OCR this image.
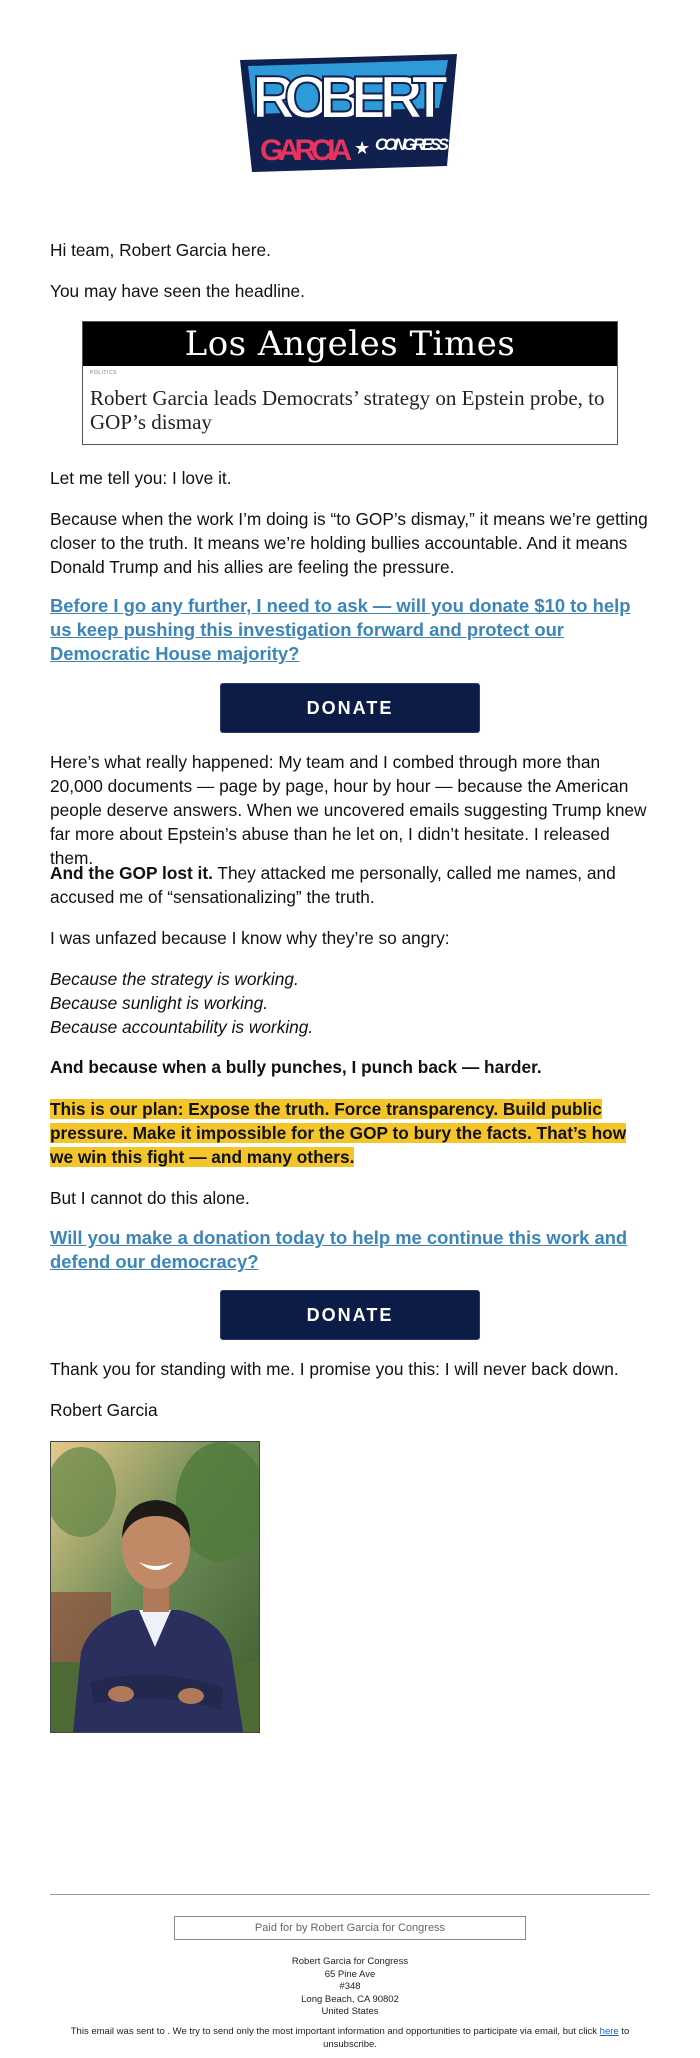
ROBERT
GARCIA ★ CONGRESS

Hi team, Robert Garcia here.

You may have seen the headline.

Los Angeles Times
POLITICS
Robert Garcia leads Democrats’ strategy on Epstein probe, to GOP’s dismay

Let me tell you: I love it.

Because when the work I’m doing is “to GOP’s dismay,” it means we’re getting closer to the truth. It means we’re holding bullies accountable. And it means Donald Trump and his allies are feeling the pressure.

Before I go any further, I need to ask — will you donate $10 to help us keep pushing this investigation forward and protect our Democratic House majority?

DONATE

Here’s what really happened: My team and I combed through more than 20,000 documents — page by page, hour by hour — because the American people deserve answers. When we uncovered emails suggesting Trump knew far more about Epstein’s abuse than he let on, I didn’t hesitate. I released them.

And the GOP lost it. They attacked me personally, called me names, and accused me of “sensationalizing” the truth.

I was unfazed because I know why they’re so angry:

Because the strategy is working.
Because sunlight is working.
Because accountability is working.

And because when a bully punches, I punch back — harder.

This is our plan: Expose the truth. Force transparency. Build public pressure. Make it impossible for the GOP to bury the facts. That’s how we win this fight — and many others.

But I cannot do this alone.

Will you make a donation today to help me continue this work and defend our democracy?

DONATE

Thank you for standing with me. I promise you this: I will never back down.

Robert Garcia

Paid for by Robert Garcia for Congress
Robert Garcia for Congress
65 Pine Ave
#348
Long Beach, CA 90802
United States
This email was sent to . We try to send only the most important information and opportunities to participate via email, but click here to unsubscribe.
